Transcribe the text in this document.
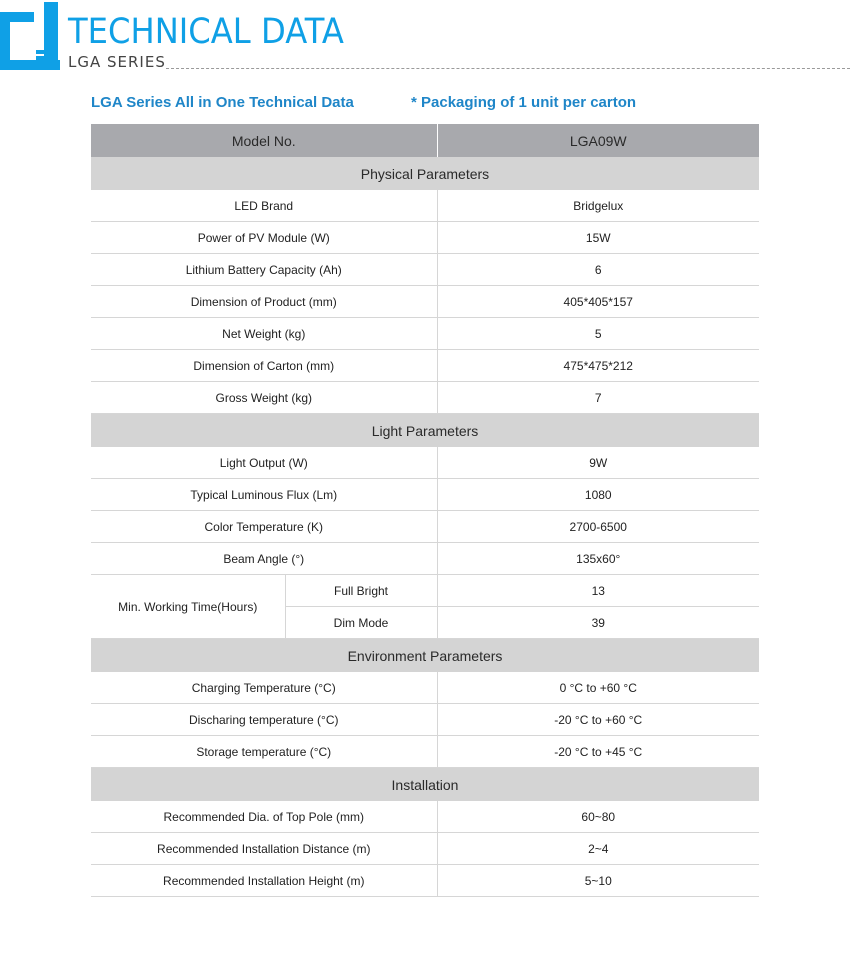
TECHNICAL DATA
LGA SERIES
LGA Series All in One Technical Data	* Packaging of 1 unit per carton
Model No.		LGA09W
Physical Parameters		
LED Brand		Bridgelux
Power of PV Module (W)		15W
Lithium Battery Capacity (Ah)		6
Dimension of Product (mm)		405*405*157
Net Weight (kg)		5
Dimension of Carton (mm)		475*475*212
Gross Weight (kg)		7
Light Parameters		
Light Output (W)		9W
Typical Luminous Flux (Lm)		1080
Color Temperature (K)		2700-6500
Beam Angle (°)		135x60°
Min. Working Time(Hours)	Full Bright	13
	Dim Mode	39
Environment Parameters		
Charging Temperature (°C)		0 °C to +60 °C
Discharing temperature (°C)		-20 °C to +60 °C
Storage temperature (°C)		-20 °C to +45 °C
Installation		
Recommended Dia. of Top Pole (mm)		60~80
Recommended Installation Distance (m)		2~4
Recommended Installation Height (m)		5~10
